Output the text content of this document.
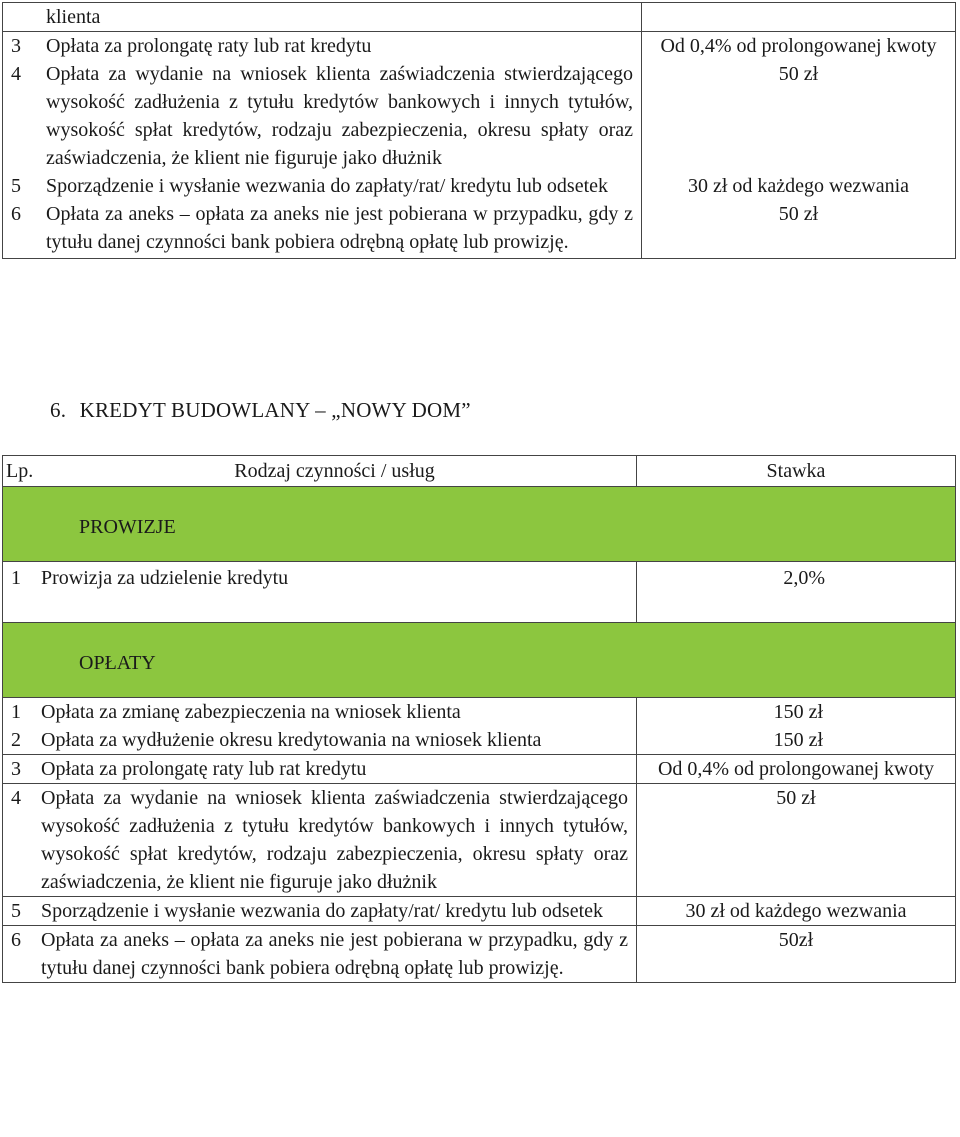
	klienta	
3	Opłata za prolongatę raty lub rat kredytu	Od 0,4% od prolongowanej kwoty
4	Opłata za wydanie na wniosek klienta zaświadczenia stwierdzającego wysokość zadłużenia z tytułu kredytów bankowych i innych tytułów, wysokość spłat kredytów, rodzaju zabezpieczenia, okresu spłaty oraz zaświadczenia, że klient nie figuruje jako dłużnik	50 zł
5	Sporządzenie i wysłanie wezwania do zapłaty/rat/ kredytu lub odsetek	30 zł od każdego wezwania
6	Opłata za aneks – opłata za aneks nie jest pobierana w przypadku, gdy z tytułu danej czynności bank pobiera odrębną opłatę lub prowizję.	50 zł
6. KREDYT BUDOWLANY – „NOWY DOM”
Lp.	Rodzaj czynności / usług	Stawka
PROWIZJE		
1	Prowizja za udzielenie kredytu	2,0%
OPŁATY		
1	Opłata za zmianę zabezpieczenia na wniosek klienta	150 zł
2	Opłata za wydłużenie okresu kredytowania na wniosek klienta	150 zł
3	Opłata za prolongatę raty lub rat kredytu	Od 0,4% od prolongowanej kwoty
4	Opłata za wydanie na wniosek klienta zaświadczenia stwierdzającego wysokość zadłużenia z tytułu kredytów bankowych i innych tytułów, wysokość spłat kredytów, rodzaju zabezpieczenia, okresu spłaty oraz zaświadczenia, że klient nie figuruje jako dłużnik	50 zł
5	Sporządzenie i wysłanie wezwania do zapłaty/rat/ kredytu lub odsetek	30 zł od każdego wezwania
6	Opłata za aneks – opłata za aneks nie jest pobierana w przypadku, gdy z tytułu danej czynności bank pobiera odrębną opłatę lub prowizję.	50zł
